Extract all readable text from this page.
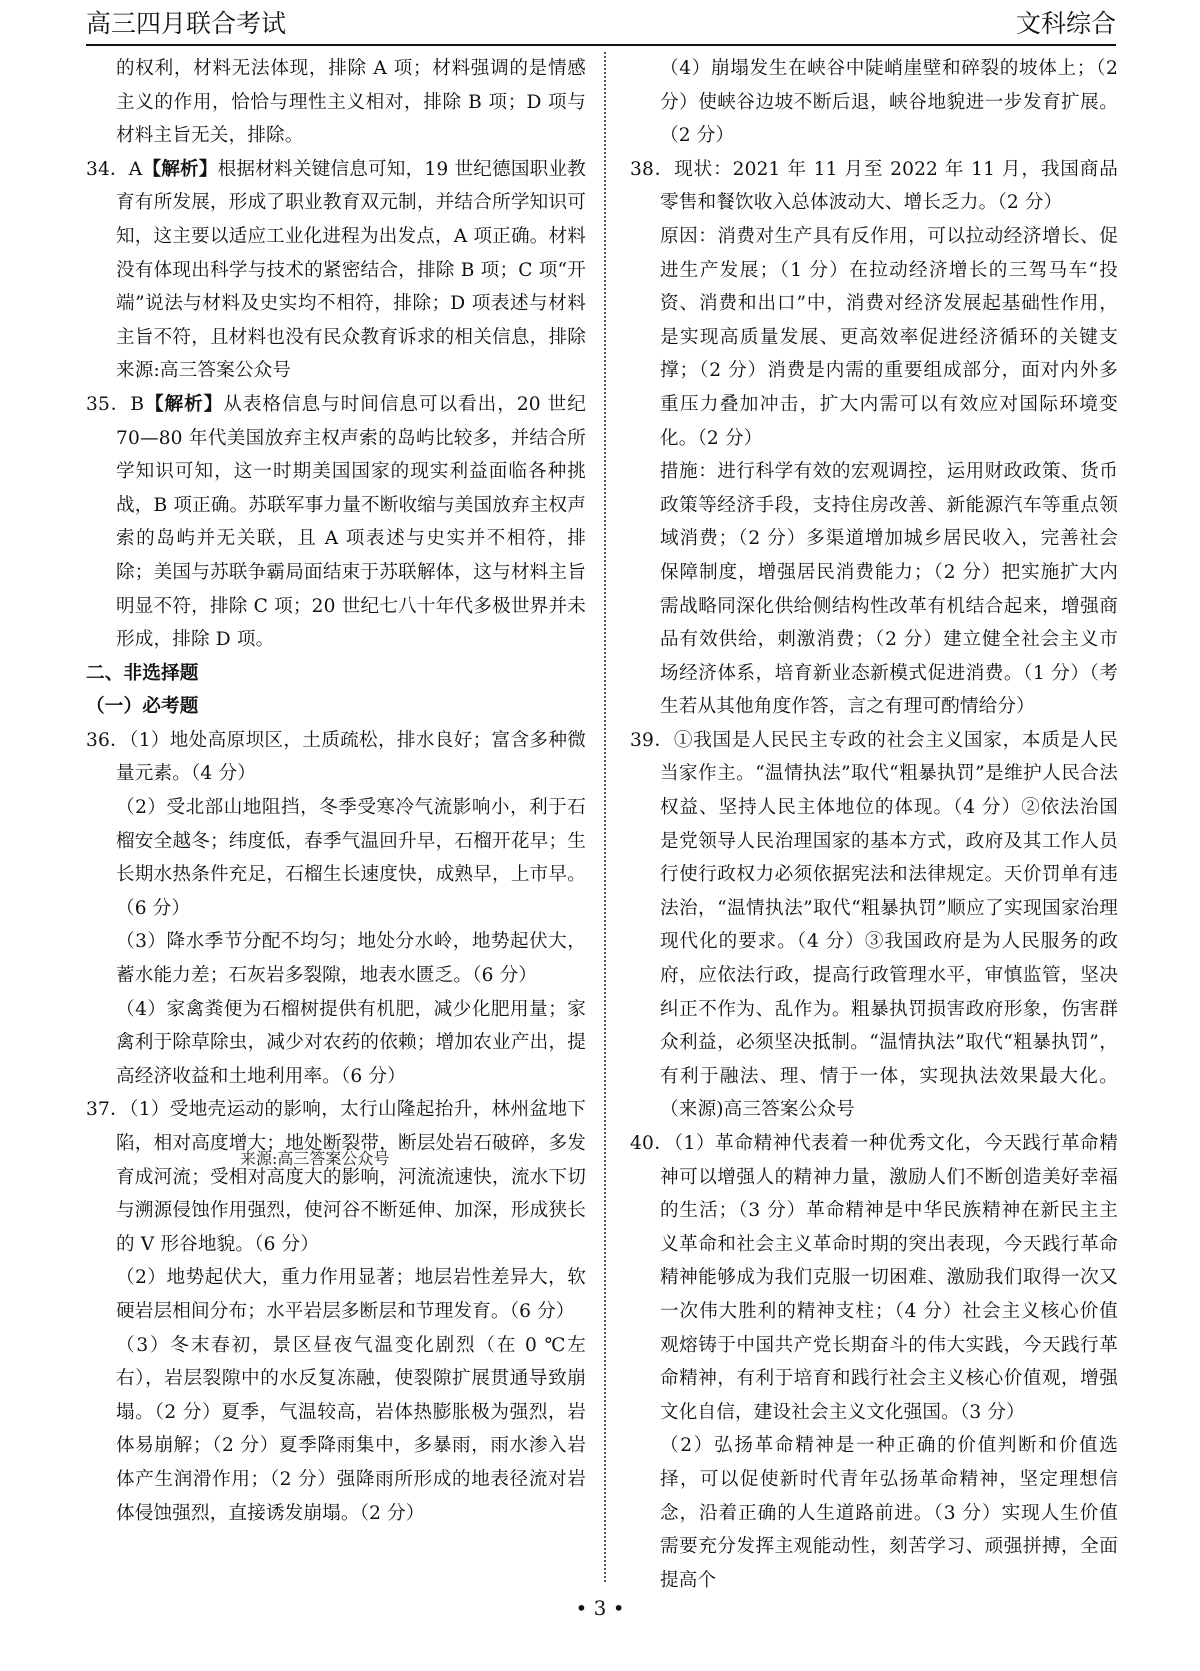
高三四月联合考试	文科综合

的权利，材料无法体现，排除 A 项；材料强调的是情感主义的作用，恰恰与理性主义相对，排除 B 项；D 项与材料主旨无关，排除。

34．A【解析】根据材料关键信息可知，19 世纪德国职业教育有所发展，形成了职业教育双元制，并结合所学知识可知，这主要以适应工业化进程为出发点，A 项正确。材料没有体现出科学与技术的紧密结合，排除 B 项；C 项“开端”说法与材料及史实均不相符，排除；D 项表述与材料主旨不符，且材料也没有民众教育诉求的相关信息，排除来源:高三答案公众号

35．B【解析】从表格信息与时间信息可以看出，20 世纪 70—80 年代美国放弃主权声索的岛屿比较多，并结合所学知识可知，这一时期美国国家的现实利益面临各种挑战，B 项正确。苏联军事力量不断收缩与美国放弃主权声索的岛屿并无关联，且 A 项表述与史实并不相符，排除；美国与苏联争霸局面结束于苏联解体，这与材料主旨明显不符，排除 C 项；20 世纪七八十年代多极世界并未形成，排除 D 项。

二、非选择题

（一）必考题

36．（1）地处高原坝区，土质疏松，排水良好；富含多种微量元素。（4 分）

（2）受北部山地阻挡，冬季受寒冷气流影响小，利于石榴安全越冬；纬度低，春季气温回升早，石榴开花早；生长期水热条件充足，石榴生长速度快，成熟早，上市早。（6 分）

（3）降水季节分配不均匀；地处分水岭，地势起伏大，蓄水能力差；石灰岩多裂隙，地表水匮乏。（6 分）

（4）家禽粪便为石榴树提供有机肥，减少化肥用量；家禽利于除草除虫，减少对农药的依赖；增加农业产出，提高经济收益和土地利用率。（6 分）

37．（1）受地壳运动的影响，太行山隆起抬升，林州盆地下陷，相对高度增大；地处断裂带，断层处岩石破碎，多发育成河流；受相对高度大的影响，河流流速快，流水下切与溯源侵蚀作用强烈，使河谷不断延伸、加深，形成狭长的 V 形谷地貌。（6 分）

（2）地势起伏大，重力作用显著；地层岩性差异大，软硬岩层相间分布；水平岩层多断层和节理发育。（6 分）

（3）冬末春初，景区昼夜气温变化剧烈（在 0 ℃左右），岩层裂隙中的水反复冻融，使裂隙扩展贯通导致崩塌。（2 分）夏季，气温较高，岩体热膨胀极为强烈，岩体易崩解；（2 分）夏季降雨集中，多暴雨，雨水渗入岩体产生润滑作用；（2 分）强降雨所形成的地表径流对岩体侵蚀强烈，直接诱发崩塌。（2 分）

（4）崩塌发生在峡谷中陡峭崖壁和碎裂的坡体上；（2 分）使峡谷边坡不断后退，峡谷地貌进一步发育扩展。（2 分）

38．现状：2021 年 11 月至 2022 年 11 月，我国商品零售和餐饮收入总体波动大、增长乏力。（2 分）

原因：消费对生产具有反作用，可以拉动经济增长、促进生产发展；（1 分）在拉动经济增长的三驾马车“投资、消费和出口”中，消费对经济发展起基础性作用，是实现高质量发展、更高效率促进经济循环的关键支撑；（2 分）消费是内需的重要组成部分，面对内外多重压力叠加冲击，扩大内需可以有效应对国际环境变化。（2 分）

措施：进行科学有效的宏观调控，运用财政政策、货币政策等经济手段，支持住房改善、新能源汽车等重点领域消费；（2 分）多渠道增加城乡居民收入，完善社会保障制度，增强居民消费能力；（2 分）把实施扩大内需战略同深化供给侧结构性改革有机结合起来，增强商品有效供给，刺激消费；（2 分）建立健全社会主义市场经济体系，培育新业态新模式促进消费。（1 分）（考生若从其他角度作答，言之有理可酌情给分）

39．①我国是人民民主专政的社会主义国家，本质是人民当家作主。“温情执法”取代“粗暴执罚”是维护人民合法权益、坚持人民主体地位的体现。（4 分）②依法治国是党领导人民治理国家的基本方式，政府及其工作人员行使行政权力必须依据宪法和法律规定。天价罚单有违法治，“温情执法”取代“粗暴执罚”顺应了实现国家治理现代化的要求。（4 分）③我国政府是为人民服务的政府，应依法行政，提高行政管理水平，审慎监管，坚决纠正不作为、乱作为。粗暴执罚损害政府形象，伤害群众利益，必须坚决抵制。“温情执法”取代“粗暴执罚”，有利于融法、理、情于一体，实现执法效果最大化。（来源)高三答案公众号

40．（1）革命精神代表着一种优秀文化，今天践行革命精神可以增强人的精神力量，激励人们不断创造美好幸福的生活；（3 分）革命精神是中华民族精神在新民主主义革命和社会主义革命时期的突出表现，今天践行革命精神能够成为我们克服一切困难、激励我们取得一次又一次伟大胜利的精神支柱；（4 分）社会主义核心价值观熔铸于中国共产党长期奋斗的伟大实践，今天践行革命精神，有利于培育和践行社会主义核心价值观，增强文化自信，建设社会主义文化强国。（3 分）

（2）弘扬革命精神是一种正确的价值判断和价值选择，可以促使新时代青年弘扬革命精神，坚定理想信念，沿着正确的人生道路前进。（3 分）实现人生价值需要充分发挥主观能动性，刻苦学习、顽强拼搏，全面提高个

来源:高三答案公众号
• 3 •
